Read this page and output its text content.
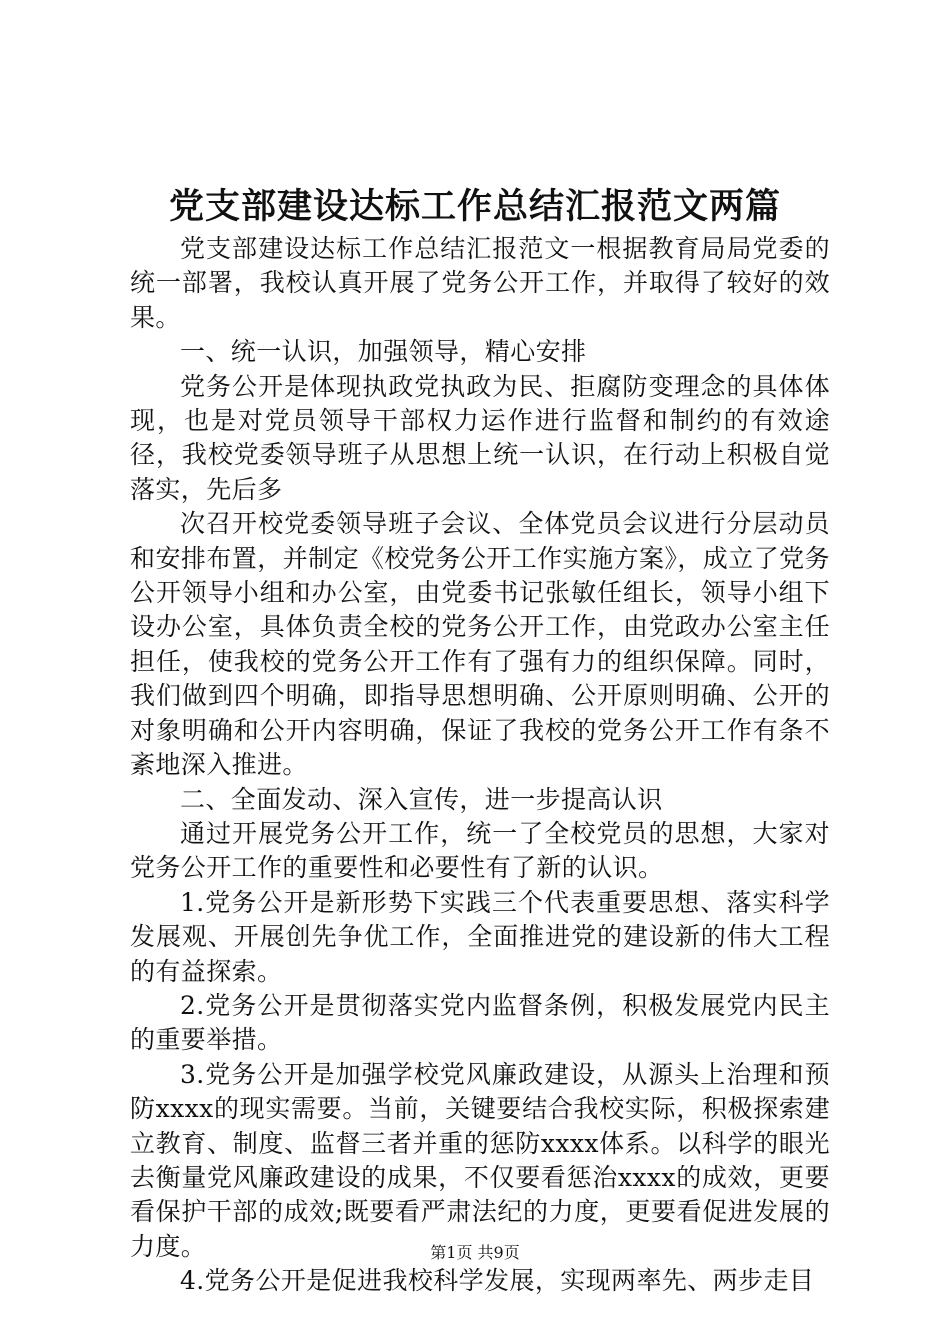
党支部建设达标工作总结汇报范文两篇

党支部建设达标工作总结汇报范文一根据教育局局党委的统一部署，我校认真开展了党务公开工作，并取得了较好的效果。

一、统一认识，加强领导，精心安排

党务公开是体现执政党执政为民、拒腐防变理念的具体体现，也是对党员领导干部权力运作进行监督和制约的有效途径，我校党委领导班子从思想上统一认识，在行动上积极自觉落实，先后多

次召开校党委领导班子会议、全体党员会议进行分层动员和安排布置，并制定《校党务公开工作实施方案》，成立了党务公开领导小组和办公室，由党委书记张敏任组长，领导小组下设办公室，具体负责全校的党务公开工作，由党政办公室主任担任，使我校的党务公开工作有了强有力的组织保障。同时，我们做到四个明确，即指导思想明确、公开原则明确、公开的对象明确和公开内容明确，保证了我校的党务公开工作有条不紊地深入推进。

二、全面发动、深入宣传，进一步提高认识

通过开展党务公开工作，统一了全校党员的思想，大家对党务公开工作的重要性和必要性有了新的认识。

1.党务公开是新形势下实践三个代表重要思想、落实科学发展观、开展创先争优工作，全面推进党的建设新的伟大工程的有益探索。

2.党务公开是贯彻落实党内监督条例，积极发展党内民主的重要举措。

3.党务公开是加强学校党风廉政建设，从源头上治理和预防xxxx的现实需要。当前，关键要结合我校实际，积极探索建立教育、制度、监督三者并重的惩防xxxx体系。以科学的眼光去衡量党风廉政建设的成果，不仅要看惩治xxxx的成效，更要看保护干部的成效;既要看严肃法纪的力度，更要看促进发展的力度。

4.党务公开是促进我校科学发展，实现两率先、两步走目

第1页 共9页
